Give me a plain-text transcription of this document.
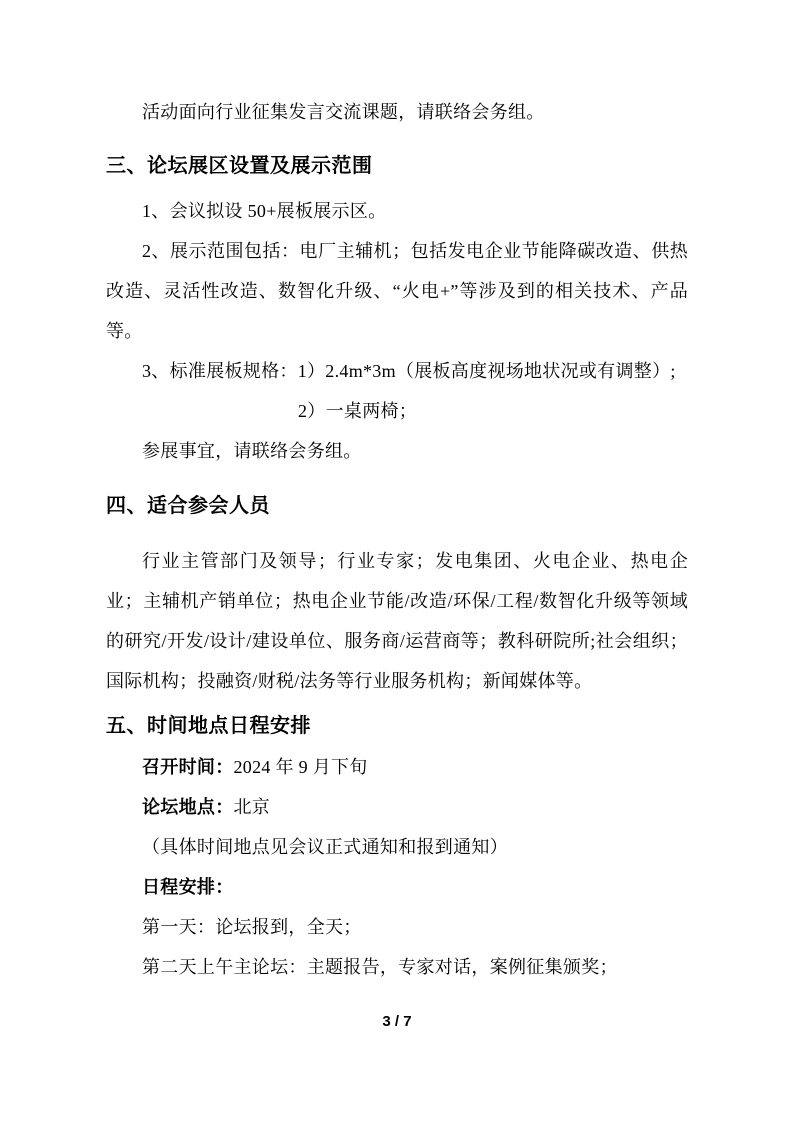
活动面向行业征集发言交流课题，请联络会务组。

三、论坛展区设置及展示范围

1、会议拟设 50+展板展示区。

2、展示范围包括：电厂主辅机；包括发电企业节能降碳改造、供热改造、灵活性改造、数智化升级、“火电+”等涉及到的相关技术、产品等。

3、标准展板规格：1）2.4m*3m（展板高度视场地状况或有调整）;

2）一桌两椅；

参展事宜，请联络会务组。

四、适合参会人员

行业主管部门及领导；行业专家；发电集团、火电企业、热电企业；主辅机产销单位；热电企业节能/改造/环保/工程/数智化升级等领域的研究/开发/设计/建设单位、服务商/运营商等；教科研院所;社会组织；国际机构；投融资/财税/法务等行业服务机构；新闻媒体等。

五、时间地点日程安排

召开时间：2024 年 9 月下旬

论坛地点：北京

（具体时间地点见会议正式通知和报到通知）

日程安排：

第一天：论坛报到，全天；

第二天上午主论坛：主题报告，专家对话，案例征集颁奖；

3 / 7
